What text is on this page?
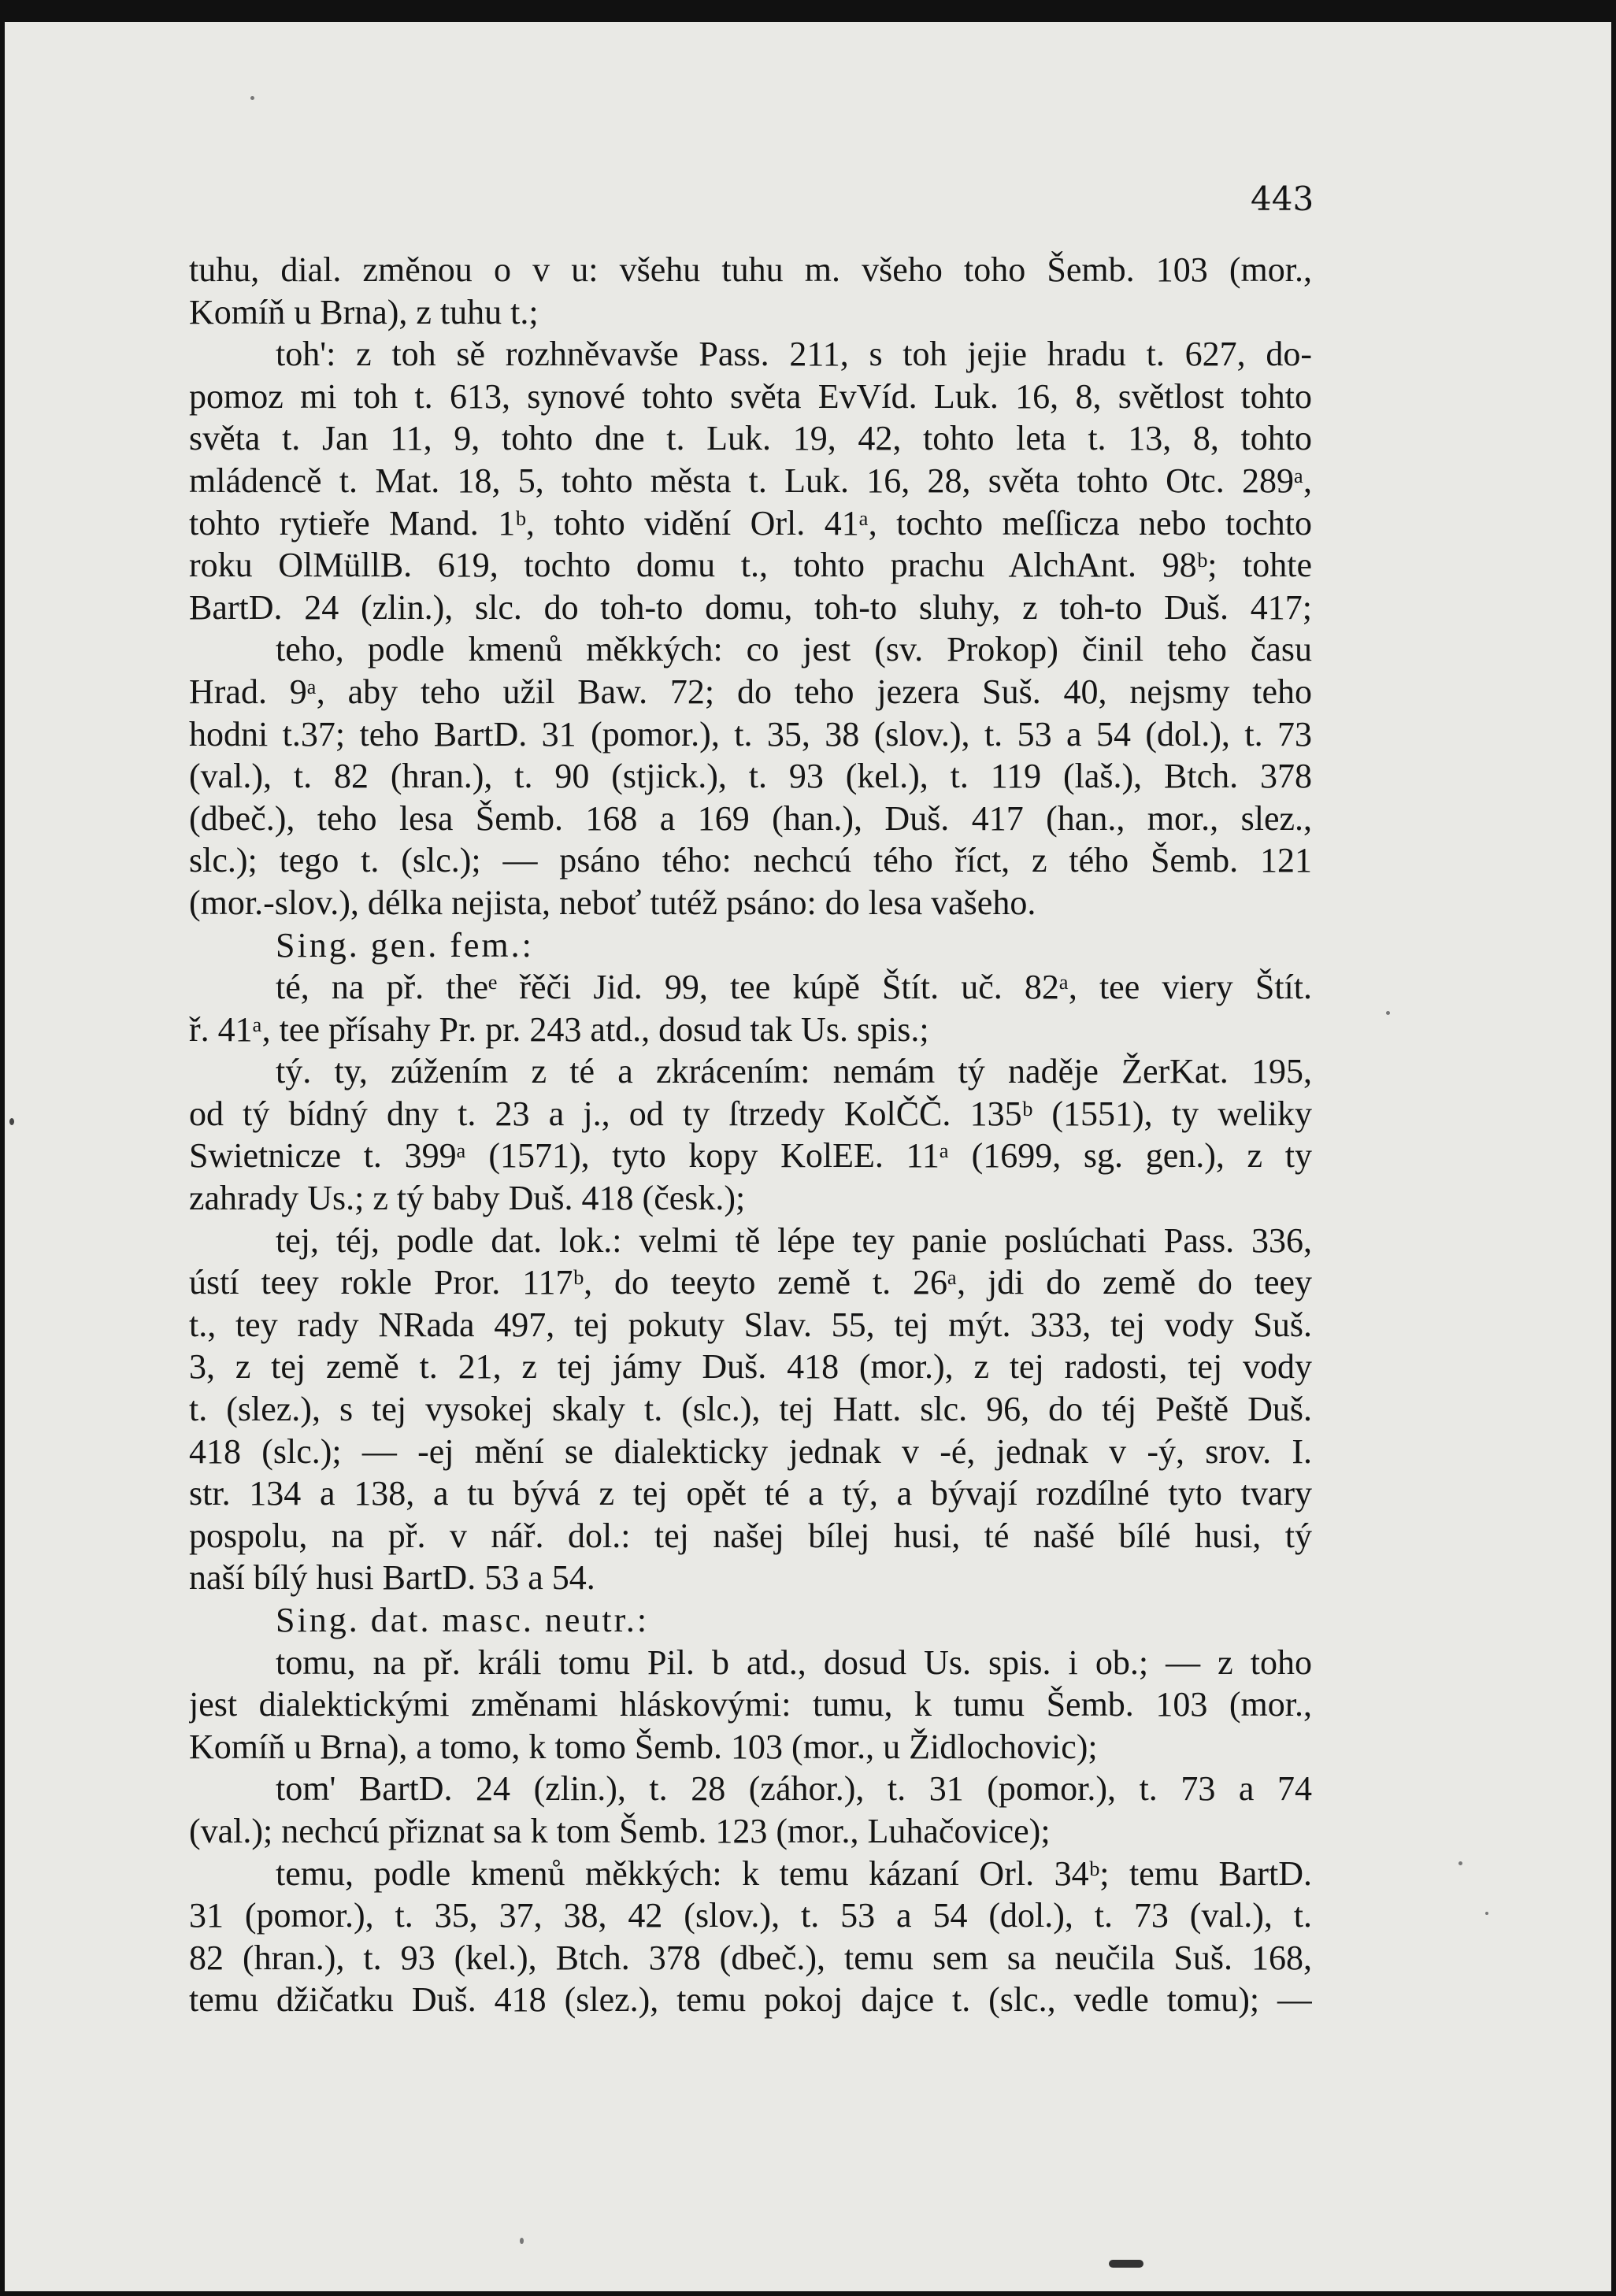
443
tuhu, dial. změnou o v u: všehu tuhu m. všeho toho Šemb. 103 (mor.,
Komíň u Brna), z tuhu t.;
toh': z toh sě rozhněvavše Pass. 211, s toh jejie hradu t. 627, do-
pomoz mi toh t. 613, synové tohto světa EvVíd. Luk. 16, 8, světlost tohto
světa t. Jan 11, 9, tohto dne t. Luk. 19, 42, tohto leta t. 13, 8, tohto
mládencě t. Mat. 18, 5, tohto města t. Luk. 16, 28, světa tohto Otc. 289ᵃ,
tohto rytieře Mand. 1ᵇ, tohto vidění Orl. 41ᵃ, tochto meſſicza nebo tochto
roku OlMüllB. 619, tochto domu t., tohto prachu AlchAnt. 98ᵇ; tohte
BartD. 24 (zlin.), slc. do toh-to domu, toh-to sluhy, z toh-to Duš. 417;
teho, podle kmenů měkkých: co jest (sv. Prokop) činil teho času
Hrad. 9ᵃ, aby teho užil Baw. 72; do teho jezera Suš. 40, nejsmy teho
hodni t.37; teho BartD. 31 (pomor.), t. 35, 38 (slov.), t. 53 a 54 (dol.), t. 73
(val.), t. 82 (hran.), t. 90 (stjick.), t. 93 (kel.), t. 119 (laš.), Btch. 378
(dbeč.), teho lesa Šemb. 168 a 169 (han.), Duš. 417 (han., mor., slez.,
slc.); tego t. (slc.); — psáno tého: nechcú tého říct, z tého Šemb. 121
(mor.-slov.), délka nejista, neboť tutéž psáno: do lesa vašeho.
Sing. gen. fem.:
té, na př. theᵉ řěči Jid. 99, tee kúpě Štít. uč. 82ᵃ, tee viery Štít.
ř. 41ᵃ, tee přísahy Pr. pr. 243 atd., dosud tak Us. spis.;
tý. ty, zúžením z té a zkrácením: nemám tý naděje ŽerKat. 195,
od tý bídný dny t. 23 a j., od ty ſtrzedy KolČČ. 135ᵇ (1551), ty weliky
Swietnicze t. 399ᵃ (1571), tyto kopy KolEE. 11ᵃ (1699, sg. gen.), z ty
zahrady Us.; z tý baby Duš. 418 (česk.);
tej, téj, podle dat. lok.: velmi tě lépe tey panie poslúchati Pass. 336,
ústí teey rokle Pror. 117ᵇ, do teeyto země t. 26ᵃ, jdi do země do teey
t., tey rady NRada 497, tej pokuty Slav. 55, tej mýt. 333, tej vody Suš.
3, z tej země t. 21, z tej jámy Duš. 418 (mor.), z tej radosti, tej vody
t. (slez.), s tej vysokej skaly t. (slc.), tej Hatt. slc. 96, do téj Peště Duš.
418 (slc.); — -ej mění se dialekticky jednak v -é, jednak v -ý, srov. I.
str. 134 a 138, a tu bývá z tej opět té a tý, a bývají rozdílné tyto tvary
pospolu, na př. v nář. dol.: tej našej bílej husi, té našé bílé husi, tý
naší bílý husi BartD. 53 a 54.
Sing. dat. masc. neutr.:
tomu, na př. králi tomu Pil. b atd., dosud Us. spis. i ob.; — z toho
jest dialektickými změnami hláskovými: tumu, k tumu Šemb. 103 (mor.,
Komíň u Brna), a tomo, k tomo Šemb. 103 (mor., u Židlochovic);
tom' BartD. 24 (zlin.), t. 28 (záhor.), t. 31 (pomor.), t. 73 a 74
(val.); nechcú přiznat sa k tom Šemb. 123 (mor., Luhačovice);
temu, podle kmenů měkkých: k temu kázaní Orl. 34ᵇ; temu BartD.
31 (pomor.), t. 35, 37, 38, 42 (slov.), t. 53 a 54 (dol.), t. 73 (val.), t.
82 (hran.), t. 93 (kel.), Btch. 378 (dbeč.), temu sem sa neučila Suš. 168,
temu džičatku Duš. 418 (slez.), temu pokoj dajce t. (slc., vedle tomu); —
